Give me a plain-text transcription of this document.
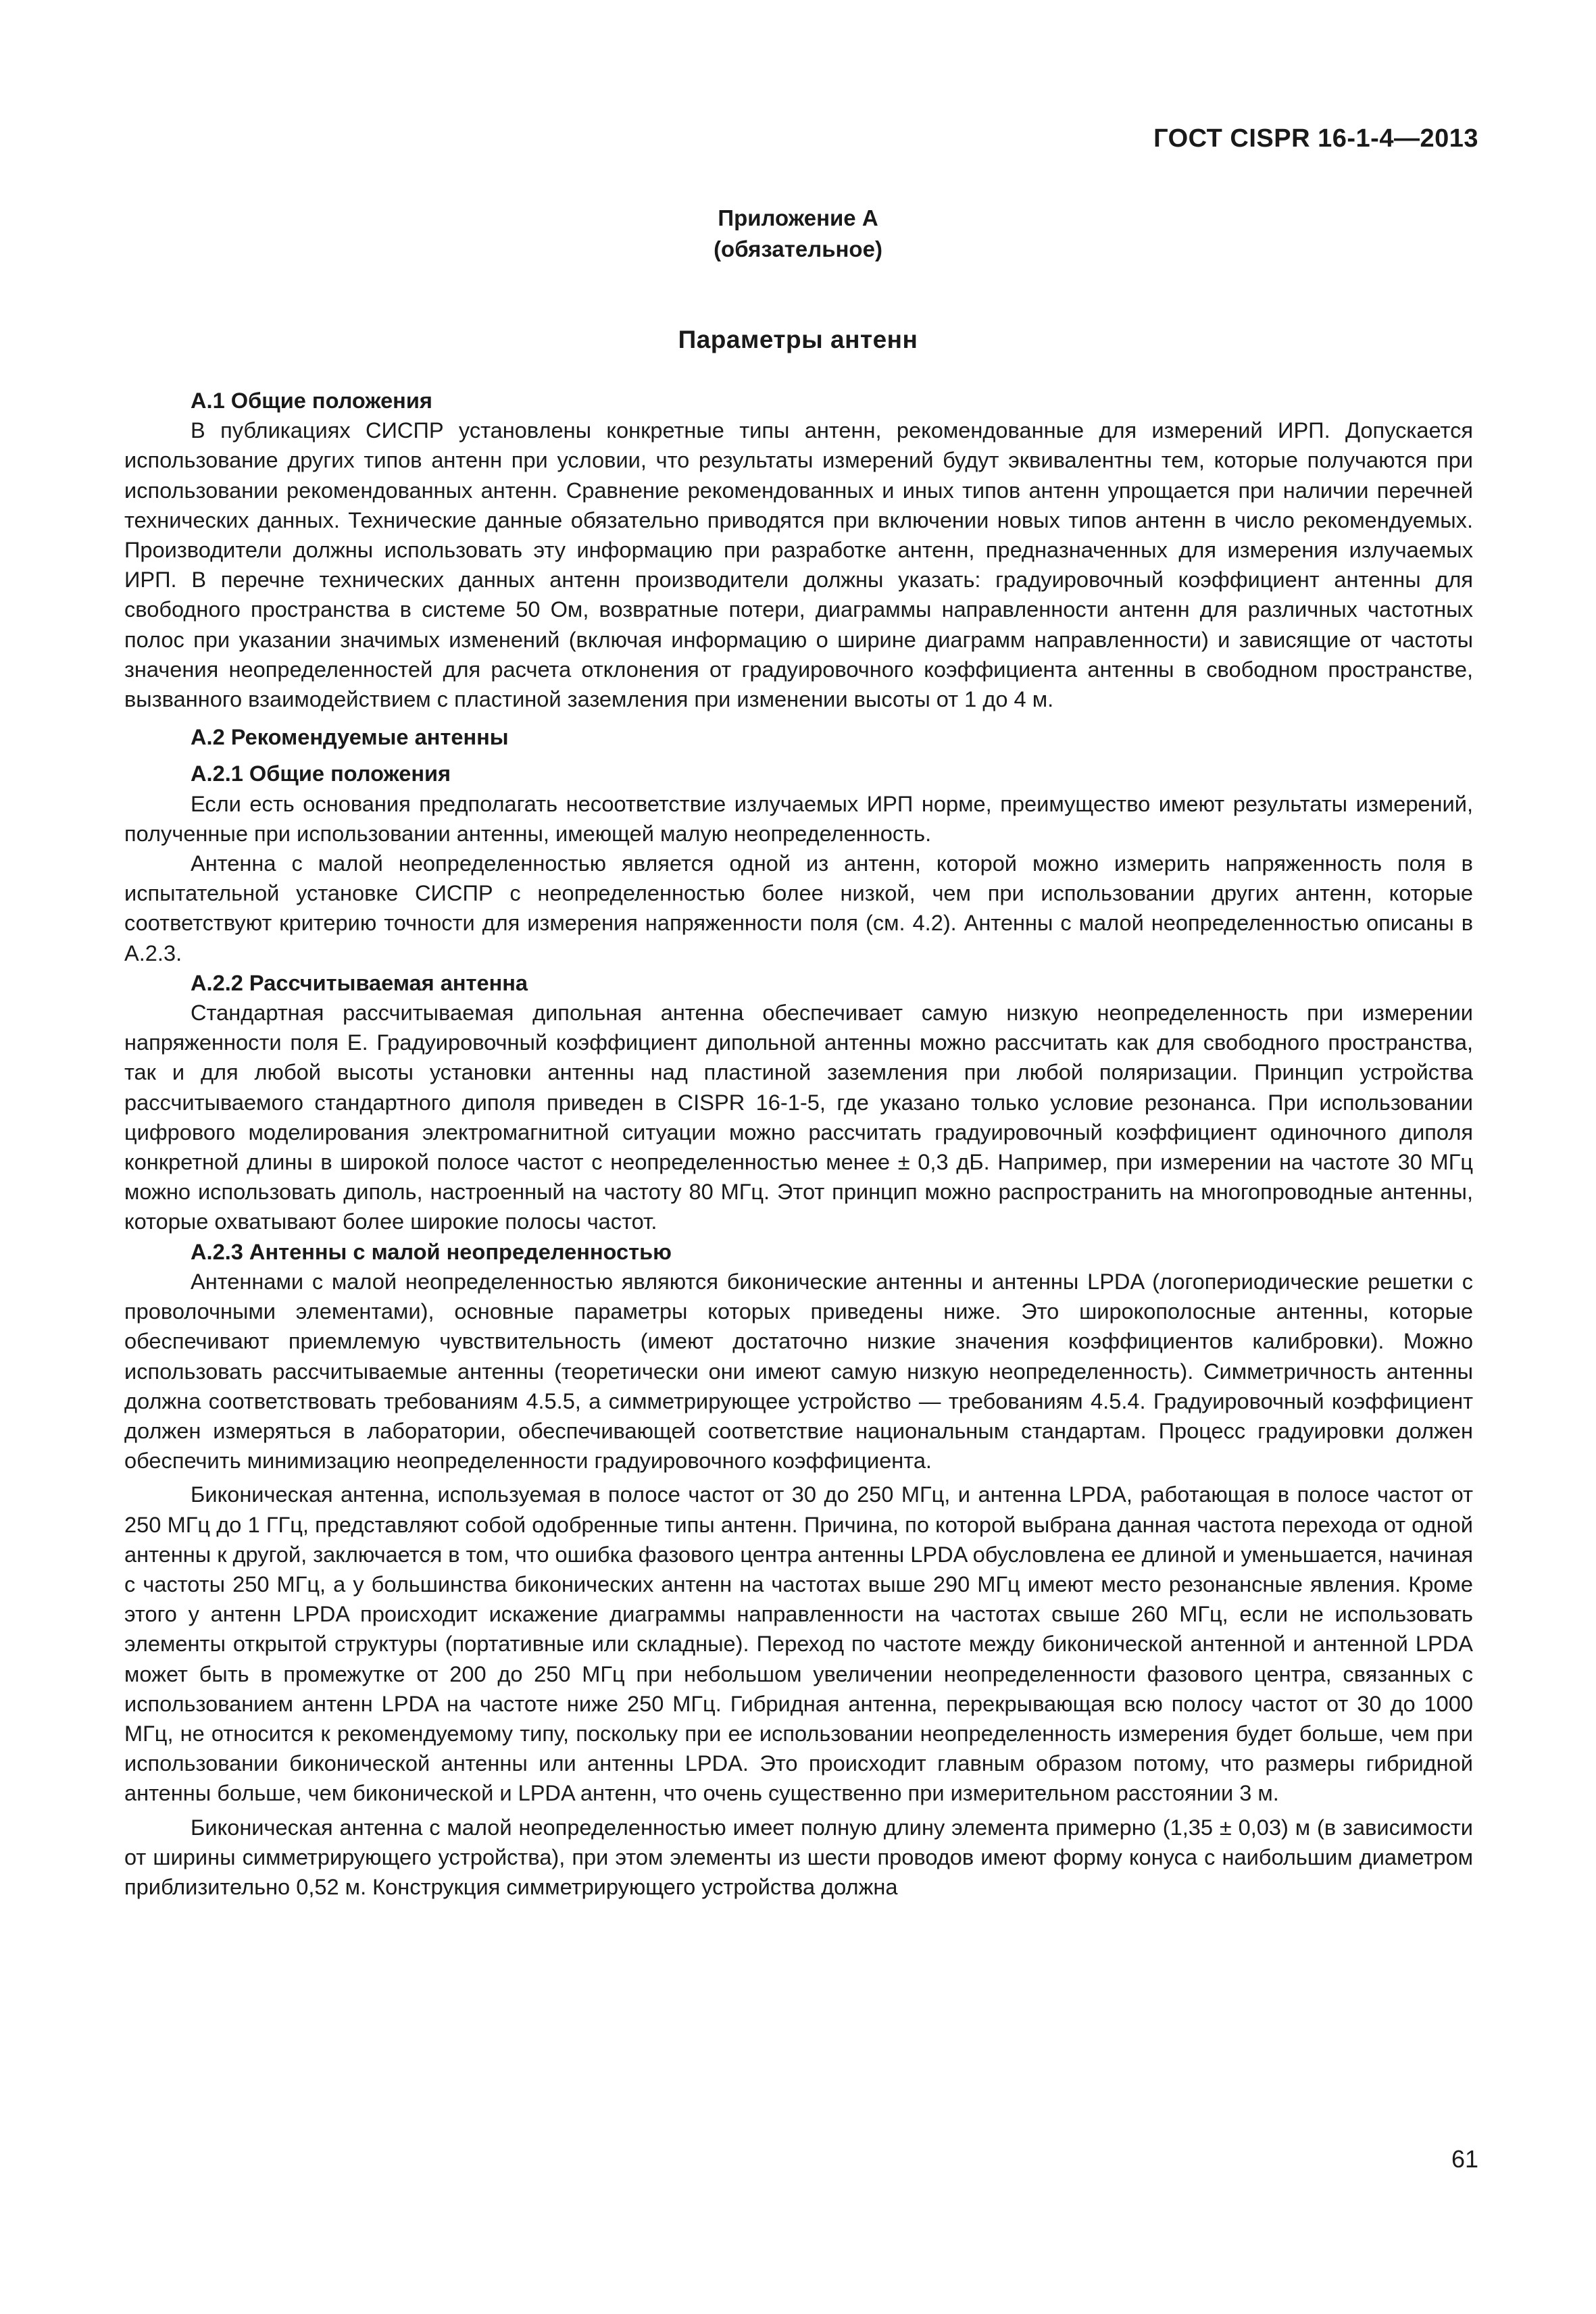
ГОСТ CISPR 16-1-4—2013
Приложение А
(обязательное)
Параметры антенн
А.1 Общие положения

В публикациях СИСПР установлены конкретные типы антенн, рекомендованные для измерений ИРП. Допускается использование других типов антенн при условии, что результаты измерений будут эквивалентны тем, которые получаются при использовании рекомендованных антенн. Сравнение рекомендованных и иных типов антенн упрощается при наличии перечней технических данных. Технические данные обязательно приводятся при включении новых типов антенн в число рекомендуемых. Производители должны использовать эту информацию при разработке антенн, предназначенных для измерения излучаемых ИРП. В перечне технических данных антенн производители должны указать: градуировочный коэффициент антенны для свободного пространства в системе 50 Ом, возвратные потери, диаграммы направленности антенн для различных частотных полос при указании значимых изменений (включая информацию о ширине диаграмм направленности) и зависящие от частоты значения неопределенностей для расчета отклонения от градуировочного коэффициента антенны в свободном пространстве, вызванного взаимодействием с пластиной заземления при изменении высоты от 1 до 4 м.

А.2 Рекомендуемые антенны
А.2.1 Общие положения

Если есть основания предполагать несоответствие излучаемых ИРП норме, преимущество имеют результаты измерений, полученные при использовании антенны, имеющей малую неопределенность.

Антенна с малой неопределенностью является одной из антенн, которой можно измерить напряженность поля в испытательной установке СИСПР с неопределенностью более низкой, чем при использовании других антенн, которые соответствуют критерию точности для измерения напряженности поля (см. 4.2). Антенны с малой неопределенностью описаны в А.2.3.

А.2.2 Рассчитываемая антенна

Стандартная рассчитываемая дипольная антенна обеспечивает самую низкую неопределенность при измерении напряженности поля E. Градуировочный коэффициент дипольной антенны можно рассчитать как для свободного пространства, так и для любой высоты установки антенны над пластиной заземления при любой поляризации. Принцип устройства рассчитываемого стандартного диполя приведен в CISPR 16-1-5, где указано только условие резонанса. При использовании цифрового моделирования электромагнитной ситуации можно рассчитать градуировочный коэффициент одиночного диполя конкретной длины в широкой полосе частот с неопределенностью менее ± 0,3 дБ. Например, при измерении на частоте 30 МГц можно использовать диполь, настроенный на частоту 80 МГц. Этот принцип можно распространить на многопроводные антенны, которые охватывают более широкие полосы частот.

А.2.3 Антенны с малой неопределенностью

Антеннами с малой неопределенностью являются биконические антенны и антенны LPDA (логопериодические решетки с проволочными элементами), основные параметры которых приведены ниже. Это широкополосные антенны, которые обеспечивают приемлемую чувствительность (имеют достаточно низкие значения коэффициентов калибровки). Можно использовать рассчитываемые антенны (теоретически они имеют самую низкую неопределенность). Симметричность антенны должна соответствовать требованиям 4.5.5, а симметрирующее устройство — требованиям 4.5.4. Градуировочный коэффициент должен измеряться в лаборатории, обеспечивающей соответствие национальным стандартам. Процесс градуировки должен обеспечить минимизацию неопределенности градуировочного коэффициента.

Биконическая антенна, используемая в полосе частот от 30 до 250 МГц, и антенна LPDA, работающая в полосе частот от 250 МГц до 1 ГГц, представляют собой одобренные типы антенн. Причина, по которой выбрана данная частота перехода от одной антенны к другой, заключается в том, что ошибка фазового центра антенны LPDA обусловлена ее длиной и уменьшается, начиная с частоты 250 МГц, а у большинства биконических антенн на частотах выше 290 МГц имеют место резонансные явления. Кроме этого у антенн LPDA происходит искажение диаграммы направленности на частотах свыше 260 МГц, если не использовать элементы открытой структуры (портативные или складные). Переход по частоте между биконической антенной и антенной LPDA может быть в промежутке от 200 до 250 МГц при небольшом увеличении неопределенности фазового центра, связанных с использованием антенн LPDA на частоте ниже 250 МГц. Гибридная антенна, перекрывающая всю полосу частот от 30 до 1000 МГц, не относится к рекомендуемому типу, поскольку при ее использовании неопределенность измерения будет больше, чем при использовании биконической антенны или антенны LPDA. Это происходит главным образом потому, что размеры гибридной антенны больше, чем биконической и LPDA антенн, что очень существенно при измерительном расстоянии 3 м.

Биконическая антенна с малой неопределенностью имеет полную длину элемента примерно (1,35 ± 0,03) м (в зависимости от ширины симметрирующего устройства), при этом элементы из шести проводов имеют форму конуса с наибольшим диаметром приблизительно 0,52 м. Конструкция симметрирующего устройства должна

61
